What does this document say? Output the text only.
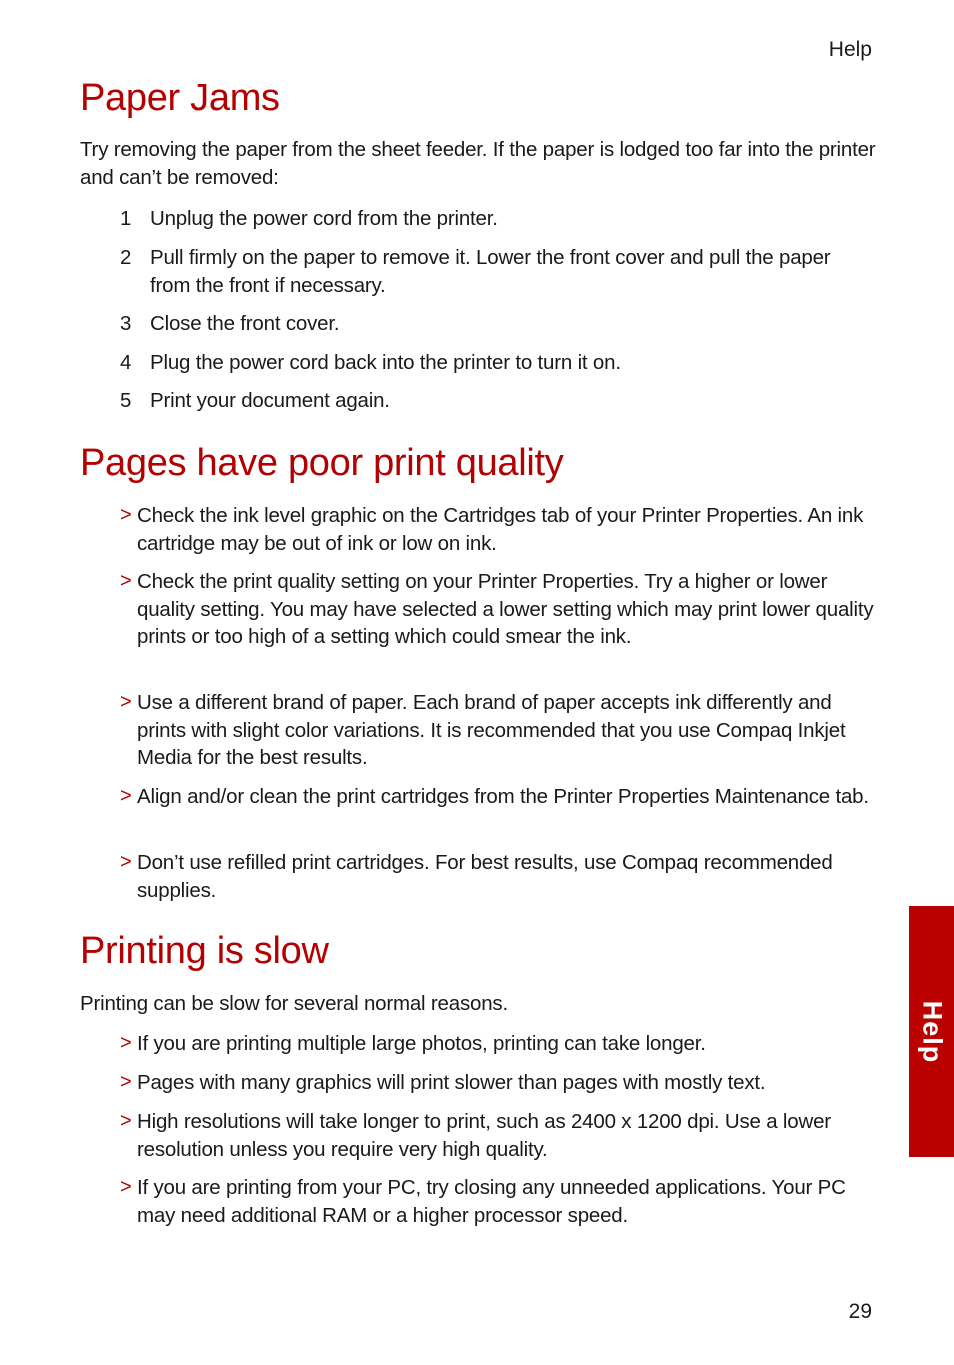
Help
Paper Jams

Try removing the paper from the sheet feeder. If the paper is lodged too far into the printer and can’t be removed:

1 Unplug the power cord from the printer.
2 Pull firmly on the paper to remove it. Lower the front cover and pull the paper from the front if necessary.
3 Close the front cover.
4 Plug the power cord back into the printer to turn it on.
5 Print your document again.
Pages have poor print quality
> Check the ink level graphic on the Cartridges tab of your Printer Properties. An ink cartridge may be out of ink or low on ink.
> Check the print quality setting on your Printer Properties. Try a higher or lower quality setting. You may have selected a lower setting which may print lower quality prints or too high of a setting which could smear the ink.
> Use a different brand of paper. Each brand of paper accepts ink differently and prints with slight color variations. It is recommended that you use Compaq Inkjet Media for the best results.
> Align and/or clean the print cartridges from the Printer Properties Maintenance tab.
> Don’t use refilled print cartridges. For best results, use Compaq recommended supplies.
Printing is slow

Printing can be slow for several normal reasons.

> If you are printing multiple large photos, printing can take longer.
> Pages with many graphics will print slower than pages with mostly text.
> High resolutions will take longer to print, such as 2400 x 1200 dpi. Use a lower resolution unless you require very high quality.
> If you are printing from your PC, try closing any unneeded applications. Your PC may need additional RAM or a higher processor speed.
Help
29
